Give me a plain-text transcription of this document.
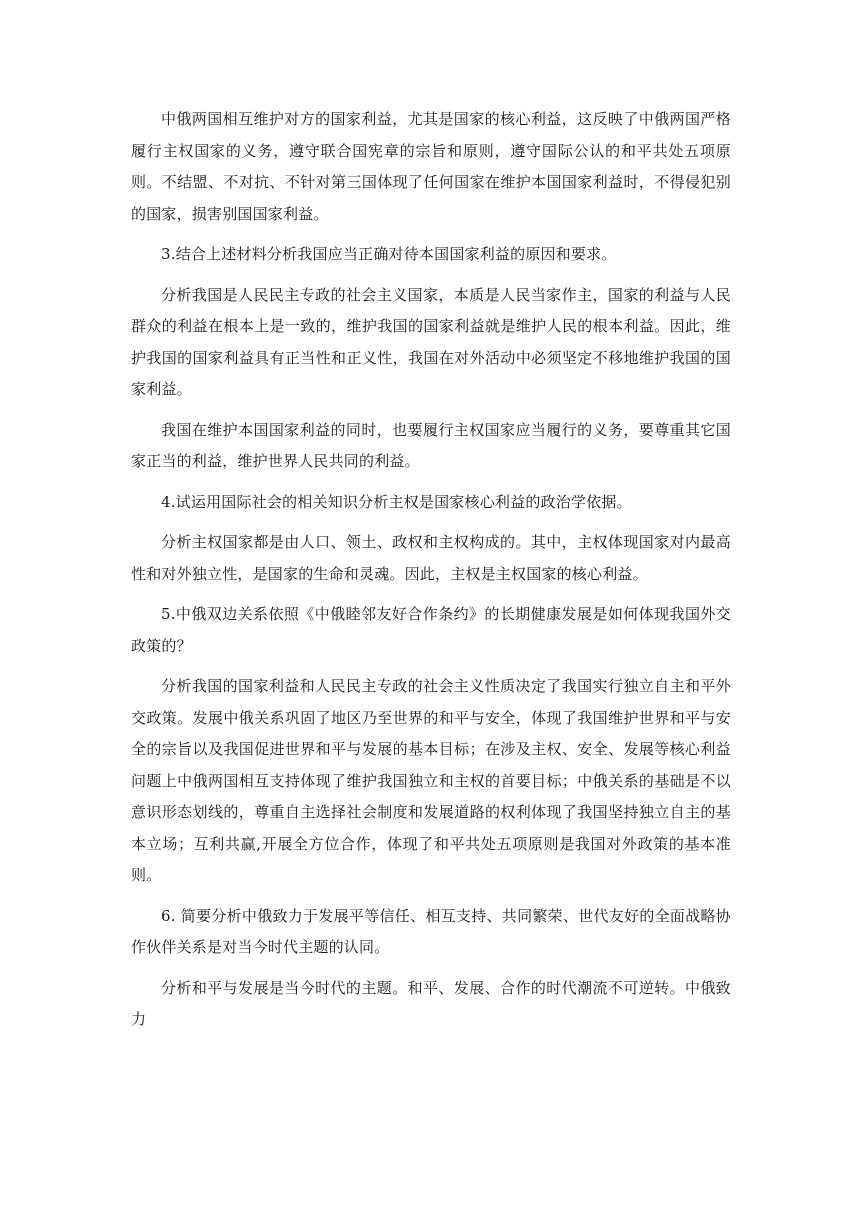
中俄两国相互维护对方的国家利益，尤其是国家的核心利益，这反映了中俄两国严格履行主权国家的义务，遵守联合国宪章的宗旨和原则，遵守国际公认的和平共处五项原则。不结盟、不对抗、不针对第三国体现了任何国家在维护本国国家利益时，不得侵犯别的国家，损害别国国家利益。

3.结合上述材料分析我国应当正确对待本国国家利益的原因和要求。

分析我国是人民民主专政的社会主义国家，本质是人民当家作主，国家的利益与人民群众的利益在根本上是一致的，维护我国的国家利益就是维护人民的根本利益。因此，维护我国的国家利益具有正当性和正义性，我国在对外活动中必须坚定不移地维护我国的国家利益。

我国在维护本国国家利益的同时，也要履行主权国家应当履行的义务，要尊重其它国家正当的利益，维护世界人民共同的利益。

4.试运用国际社会的相关知识分析主权是国家核心利益的政治学依据。

分析主权国家都是由人口、领土、政权和主权构成的。其中，主权体现国家对内最高性和对外独立性，是国家的生命和灵魂。因此，主权是主权国家的核心利益。

5.中俄双边关系依照《中俄睦邻友好合作条约》的长期健康发展是如何体现我国外交政策的？

分析我国的国家利益和人民民主专政的社会主义性质决定了我国实行独立自主和平外交政策。发展中俄关系巩固了地区乃至世界的和平与安全，体现了我国维护世界和平与安全的宗旨以及我国促进世界和平与发展的基本目标；在涉及主权、安全、发展等核心利益问题上中俄两国相互支持体现了维护我国独立和主权的首要目标；中俄关系的基础是不以意识形态划线的，尊重自主选择社会制度和发展道路的权利体现了我国坚持独立自主的基本立场；互利共赢,开展全方位合作，体现了和平共处五项原则是我国对外政策的基本准则。

6. 简要分析中俄致力于发展平等信任、相互支持、共同繁荣、世代友好的全面战略协作伙伴关系是对当今时代主题的认同。

分析和平与发展是当今时代的主题。和平、发展、合作的时代潮流不可逆转。中俄致力
